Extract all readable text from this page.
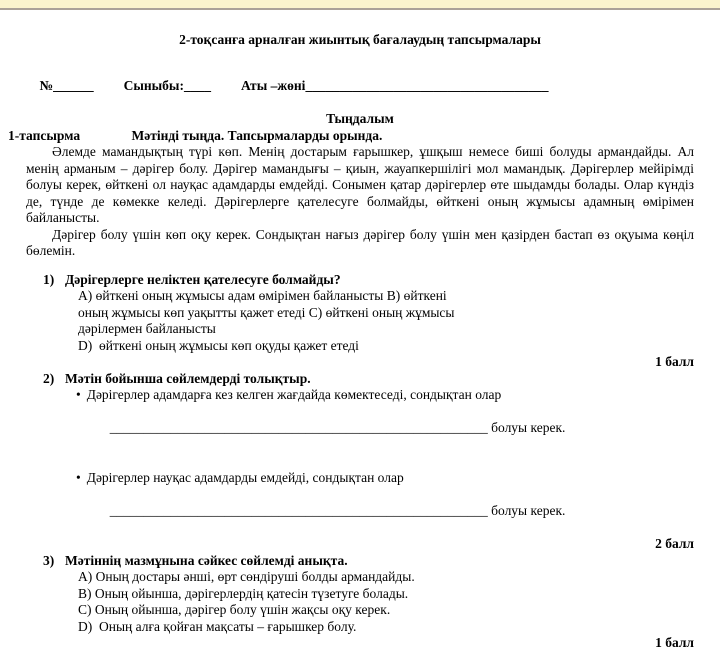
2-тоқсанға арналған жиынтық бағалаудың тапсырмалары

№______ Сыныбы:____ Аты –жөні____________________________________

Тыңдалым
1-тапсырма	Мәтінді тыңда. Тапсырмаларды орында.

Әлемде мамандықтың түрі көп. Менің достарым ғарышкер, ұшқыш немесе биші болуды армандайды. Ал менің арманым – дәрігер болу. Дәрігер мамандығы – қиын, жауапкершілігі мол мамандық. Дәрігерлер мейірімді болуы керек, өйткені ол науқас адамдарды емдейді. Сонымен қатар дәрігерлер өте шыдамды болады. Олар күндіз де, түнде де көмекке келеді. Дәрігерлерге қателесуге болмайды, өйткені оның жұмысы адамның өмірімен байланысты.

Дәрігер болу үшін көп оқу керек. Сондықтан нағыз дәрігер болу үшін мен қазірден бастап өз оқуыма көңіл бөлемін.

1) Дәрігерлерге неліктен қателесуге болмайды?
А) өйткені оның жұмысы адам өмірімен байланысты В) өйткені
оның жұмысы көп уақытты қажет етеді С) өйткені оның жұмысы
дәрілермен байланысты
D)  өйткені оның жұмысы көп оқуды қажет етеді
1 балл
2) Мәтін бойынша сөйлемдерді толықтыр.
• Дәрігерлер адамдарға кез келген жағдайда көмектеседі, сондықтан олар

________________________________________________________ болуы керек.

• Дәрігерлер науқас адамдарды емдейді, сондықтан олар

________________________________________________________ болуы керек.

2 балл
3) Мәтіннің мазмұнына сәйкес сөйлемді анықта.
А) Оның достары әнші, өрт сөндіруші болды армандайды.
В) Оның ойынша, дәрігерлердің қатесін түзетуге болады.
С) Оның ойынша, дәрігер болу үшін жақсы оқу керек.
D)  Оның алға қойған мақсаты – ғарышкер болу.
1 балл
